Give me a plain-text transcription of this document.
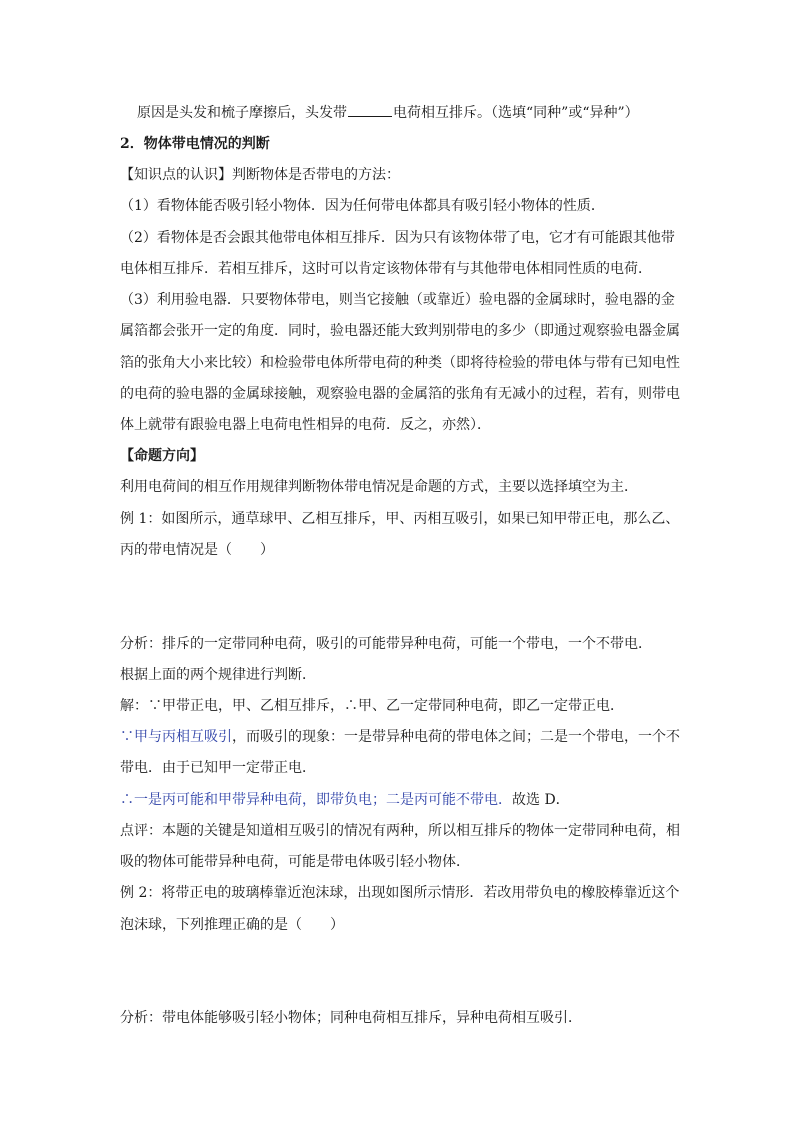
原因是头发和梳子摩擦后，头发带	电荷相互排斥。（选填“同种”或“异种”）
2．物体带电情况的判断
【知识点的认识】判断物体是否带电的方法：
（1）看物体能否吸引轻小物体．因为任何带电体都具有吸引轻小物体的性质．
（2）看物体是否会跟其他带电体相互排斥．因为只有该物体带了电，它才有可能跟其他带
电体相互排斥．若相互排斥，这时可以肯定该物体带有与其他带电体相同性质的电荷．
（3）利用验电器．只要物体带电，则当它接触（或靠近）验电器的金属球时，验电器的金
属箔都会张开一定的角度．同时，验电器还能大致判别带电的多少（即通过观察验电器金属
箔的张角大小来比较）和检验带电体所带电荷的种类（即将待检验的带电体与带有已知电性
的电荷的验电器的金属球接触，观察验电器的金属箔的张角有无减小的过程，若有，则带电
体上就带有跟验电器上电荷电性相异的电荷．反之，亦然）．
【命题方向】
利用电荷间的相互作用规律判断物体带电情况是命题的方式，主要以选择填空为主．
例 1：如图所示，通草球甲、乙相互排斥，甲、丙相互吸引，如果已知甲带正电，那么乙、
丙的带电情况是（　　）
分析：排斥的一定带同种电荷，吸引的可能带异种电荷，可能一个带电，一个不带电．
根据上面的两个规律进行判断．
解：∵甲带正电，甲、乙相互排斥，∴甲、乙一定带同种电荷，即乙一定带正电．
∵甲与丙相互吸引，而吸引的现象：一是带异种电荷的带电体之间；二是一个带电，一个不
带电．由于已知甲一定带正电．
∴一是丙可能和甲带异种电荷，即带负电；二是丙可能不带电．故选 D．
点评：本题的关键是知道相互吸引的情况有两种，所以相互排斥的物体一定带同种电荷，相
吸的物体可能带异种电荷，可能是带电体吸引轻小物体．
例 2：将带正电的玻璃棒靠近泡沫球，出现如图所示情形．若改用带负电的橡胶棒靠近这个
泡沫球，下列推理正确的是（　　）
分析：带电体能够吸引轻小物体；同种电荷相互排斥，异种电荷相互吸引．
